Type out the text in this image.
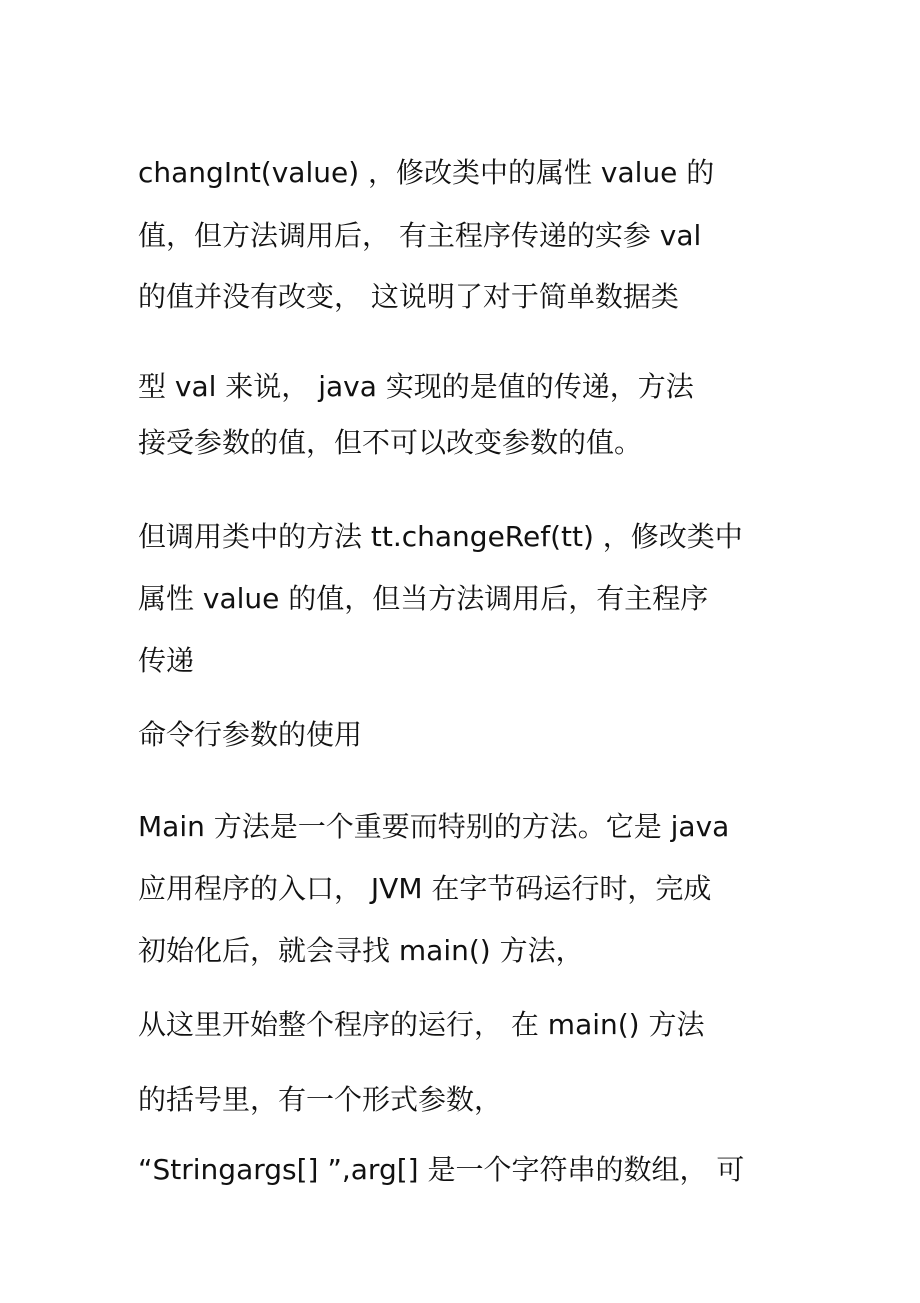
changInt(value) ，修改类中的属性 value 的

值，但方法调用后， 有主程序传递的实参 val

的值并没有改变， 这说明了对于简单数据类

型 val 来说， java 实现的是值的传递，方法

接受参数的值，但不可以改变参数的值。

但调用类中的方法 tt.changeRef(tt) ，修改类中

属性 value 的值，但当方法调用后，有主程序

传递

命令行参数的使用

Main 方法是一个重要而特别的方法。它是 java

应用程序的入口， JVM 在字节码运行时，完成

初始化后，就会寻找 main() 方法，

从这里开始整个程序的运行， 在 main() 方法

的括号里，有一个形式参数，

“Stringargs[] ”,arg[] 是一个字符串的数组， 可
